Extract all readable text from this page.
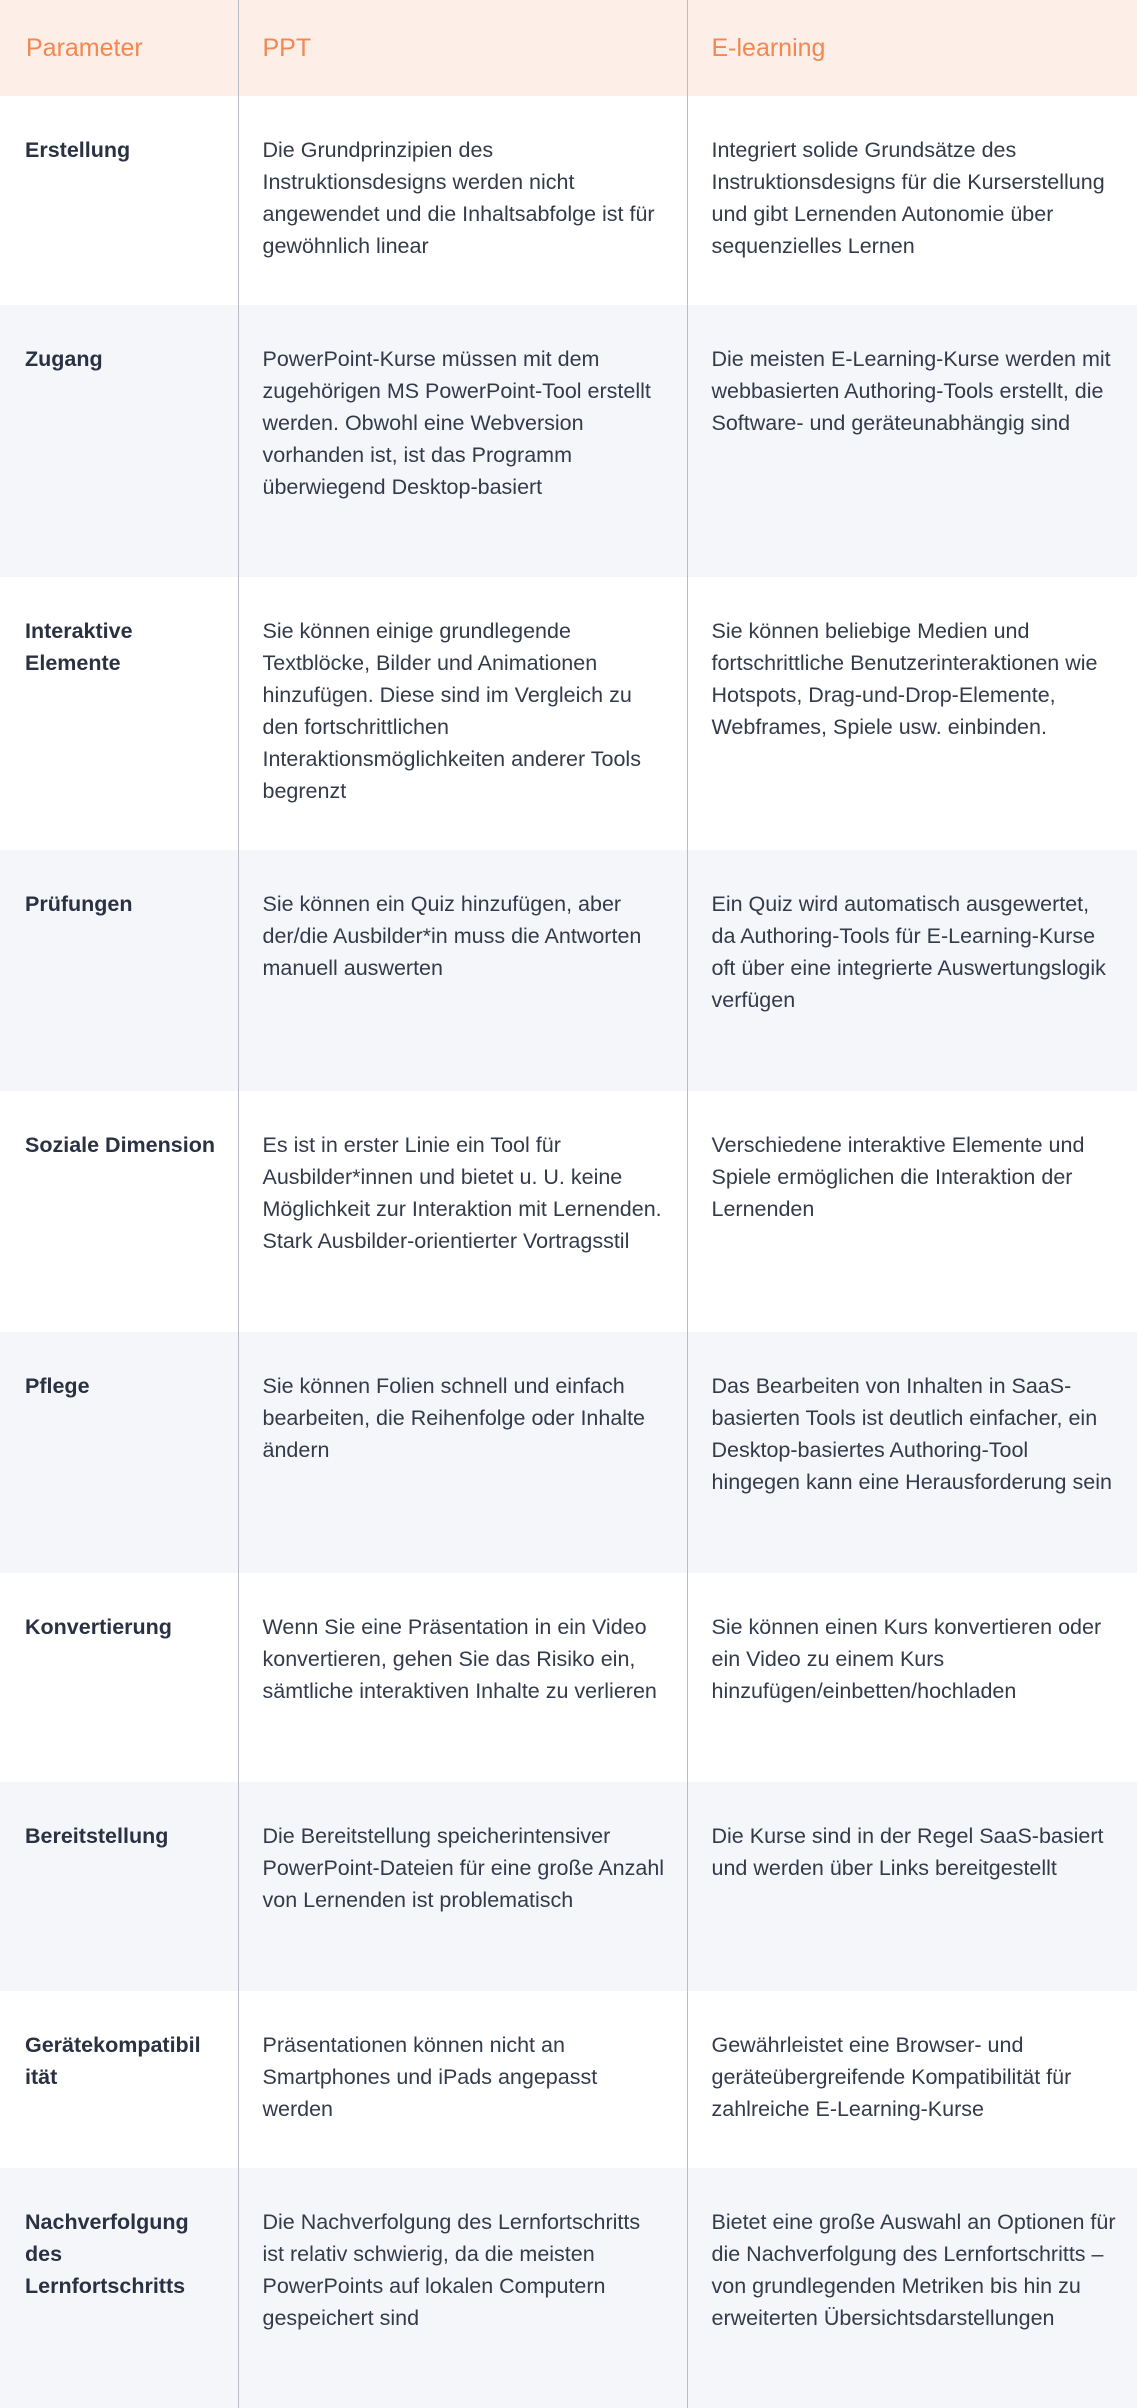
Parameter	PPT	E-learning
Erstellung	Die Grundprinzipien des Instruktionsdesigns werden nicht angewendet und die Inhaltsabfolge ist für gewöhnlich linear	Integriert solide Grundsätze des Instruktionsdesigns für die Kurserstellung und gibt Lernenden Autonomie über sequenzielles Lernen
Zugang	PowerPoint-Kurse müssen mit dem zugehörigen MS PowerPoint-Tool erstellt werden. Obwohl eine Webversion vorhanden ist, ist das Programm überwiegend Desktop-basiert	Die meisten E-Learning-Kurse werden mit webbasierten Authoring-Tools erstellt, die Software- und geräteunabhängig sind
Interaktive Elemente	Sie können einige grundlegende Textblöcke, Bilder und Animationen hinzufügen. Diese sind im Vergleich zu den fortschrittlichen Interaktionsmöglichkeiten anderer Tools begrenzt	Sie können beliebige Medien und fortschrittliche Benutzerinteraktionen wie Hotspots, Drag-und-Drop-Elemente, Webframes, Spiele usw. einbinden.
Prüfungen	Sie können ein Quiz hinzufügen, aber der/die Ausbilder*in muss die Antworten manuell auswerten	Ein Quiz wird automatisch ausgewertet, da Authoring-Tools für E-Learning-Kurse oft über eine integrierte Auswertungslogik verfügen
Soziale Dimension	Es ist in erster Linie ein Tool für Ausbilder*innen und bietet u. U. keine Möglichkeit zur Interaktion mit Lernenden. Stark Ausbilder-orientierter Vortragsstil	Verschiedene interaktive Elemente und Spiele ermöglichen die Interaktion der Lernenden
Pflege	Sie können Folien schnell und einfach bearbeiten, die Reihenfolge oder Inhalte ändern	Das Bearbeiten von Inhalten in SaaS-basierten Tools ist deutlich einfacher, ein Desktop-basiertes Authoring-Tool hingegen kann eine Herausforderung sein
Konvertierung	Wenn Sie eine Präsentation in ein Video konvertieren, gehen Sie das Risiko ein, sämtliche interaktiven Inhalte zu verlieren	Sie können einen Kurs konvertieren oder ein Video zu einem Kurs hinzufügen/einbetten/hochladen
Bereitstellung	Die Bereitstellung speicherintensiver PowerPoint-Dateien für eine große Anzahl von Lernenden ist problematisch	Die Kurse sind in der Regel SaaS-basiert und werden über Links bereitgestellt
Gerätekompatibil ität	Präsentationen können nicht an Smartphones und iPads angepasst werden	Gewährleistet eine Browser- und geräteübergreifende Kompatibilität für zahlreiche E-Learning-Kurse
Nachverfolgung des Lernfortschritts	Die Nachverfolgung des Lernfortschritts ist relativ schwierig, da die meisten PowerPoints auf lokalen Computern gespeichert sind	Bietet eine große Auswahl an Optionen für die Nachverfolgung des Lernfortschritts – von grundlegenden Metriken bis hin zu erweiterten Übersichtsdarstellungen
